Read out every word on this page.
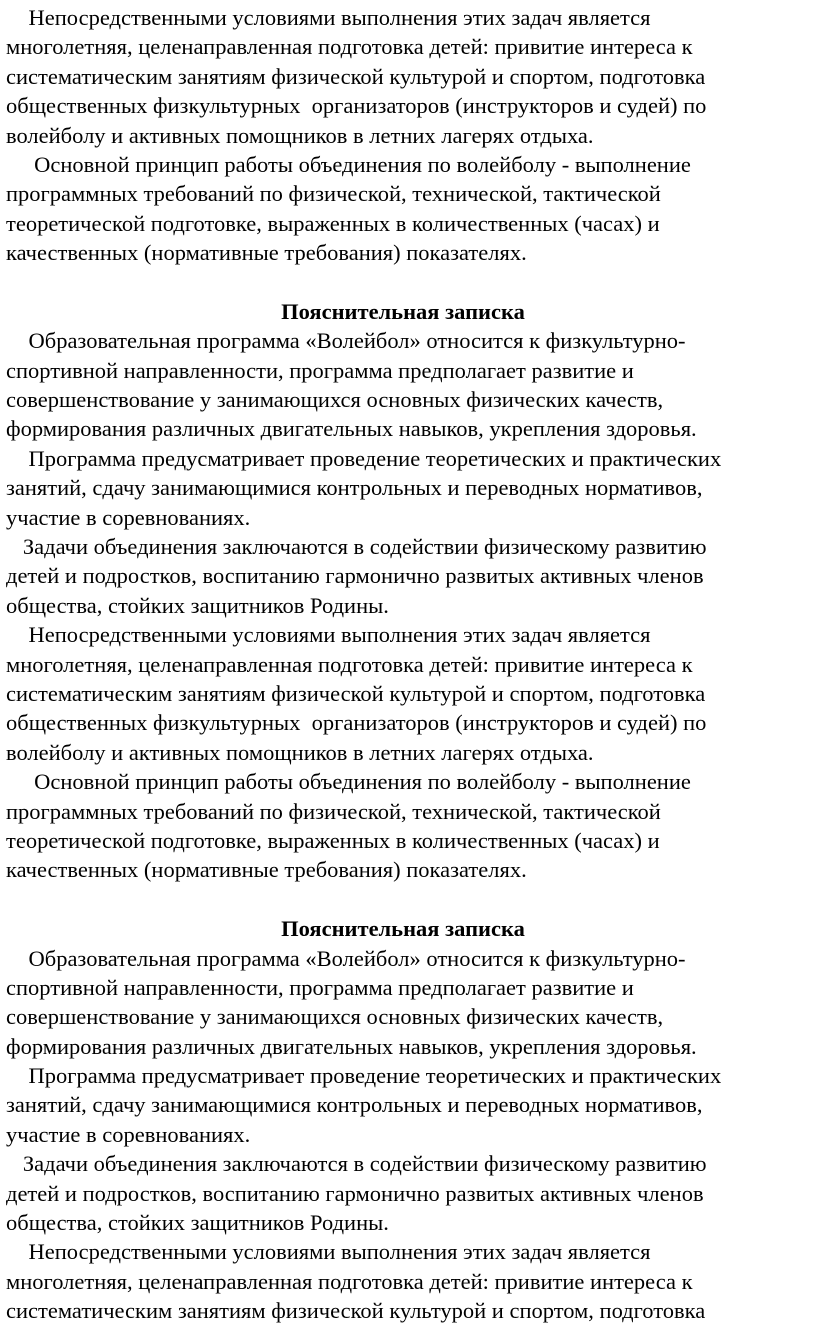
Непосредственными условиями выполнения этих задач является
многолетняя, целенаправленная подготовка детей: привитие интереса к
систематическим занятиям физической культурой и спортом, подготовка
общественных физкультурных  организаторов (инструкторов и судей) по
волейболу и активных помощников в летних лагерях отдыха.
Основной принцип работы объединения по волейболу - выполнение
программных требований по физической, технической, тактической
теоретической подготовке, выраженных в количественных (часах) и
качественных (нормативные требования) показателях.
Пояснительная записка
Образовательная программа «Волейбол» относится к физкультурно-
спортивной направленности, программа предполагает развитие и
совершенствование у занимающихся основных физических качеств,
формирования различных двигательных навыков, укрепления здоровья.
Программа предусматривает проведение теоретических и практических
занятий, сдачу занимающимися контрольных и переводных нормативов,
участие в соревнованиях.
Задачи объединения заключаются в содействии физическому развитию
детей и подростков, воспитанию гармонично развитых активных членов
общества, стойких защитников Родины.
Непосредственными условиями выполнения этих задач является
многолетняя, целенаправленная подготовка детей: привитие интереса к
систематическим занятиям физической культурой и спортом, подготовка
общественных физкультурных  организаторов (инструкторов и судей) по
волейболу и активных помощников в летних лагерях отдыха.
Основной принцип работы объединения по волейболу - выполнение
программных требований по физической, технической, тактической
теоретической подготовке, выраженных в количественных (часах) и
качественных (нормативные требования) показателях.
Пояснительная записка
Образовательная программа «Волейбол» относится к физкультурно-
спортивной направленности, программа предполагает развитие и
совершенствование у занимающихся основных физических качеств,
формирования различных двигательных навыков, укрепления здоровья.
Программа предусматривает проведение теоретических и практических
занятий, сдачу занимающимися контрольных и переводных нормативов,
участие в соревнованиях.
Задачи объединения заключаются в содействии физическому развитию
детей и подростков, воспитанию гармонично развитых активных членов
общества, стойких защитников Родины.
Непосредственными условиями выполнения этих задач является
многолетняя, целенаправленная подготовка детей: привитие интереса к
систематическим занятиям физической культурой и спортом, подготовка
